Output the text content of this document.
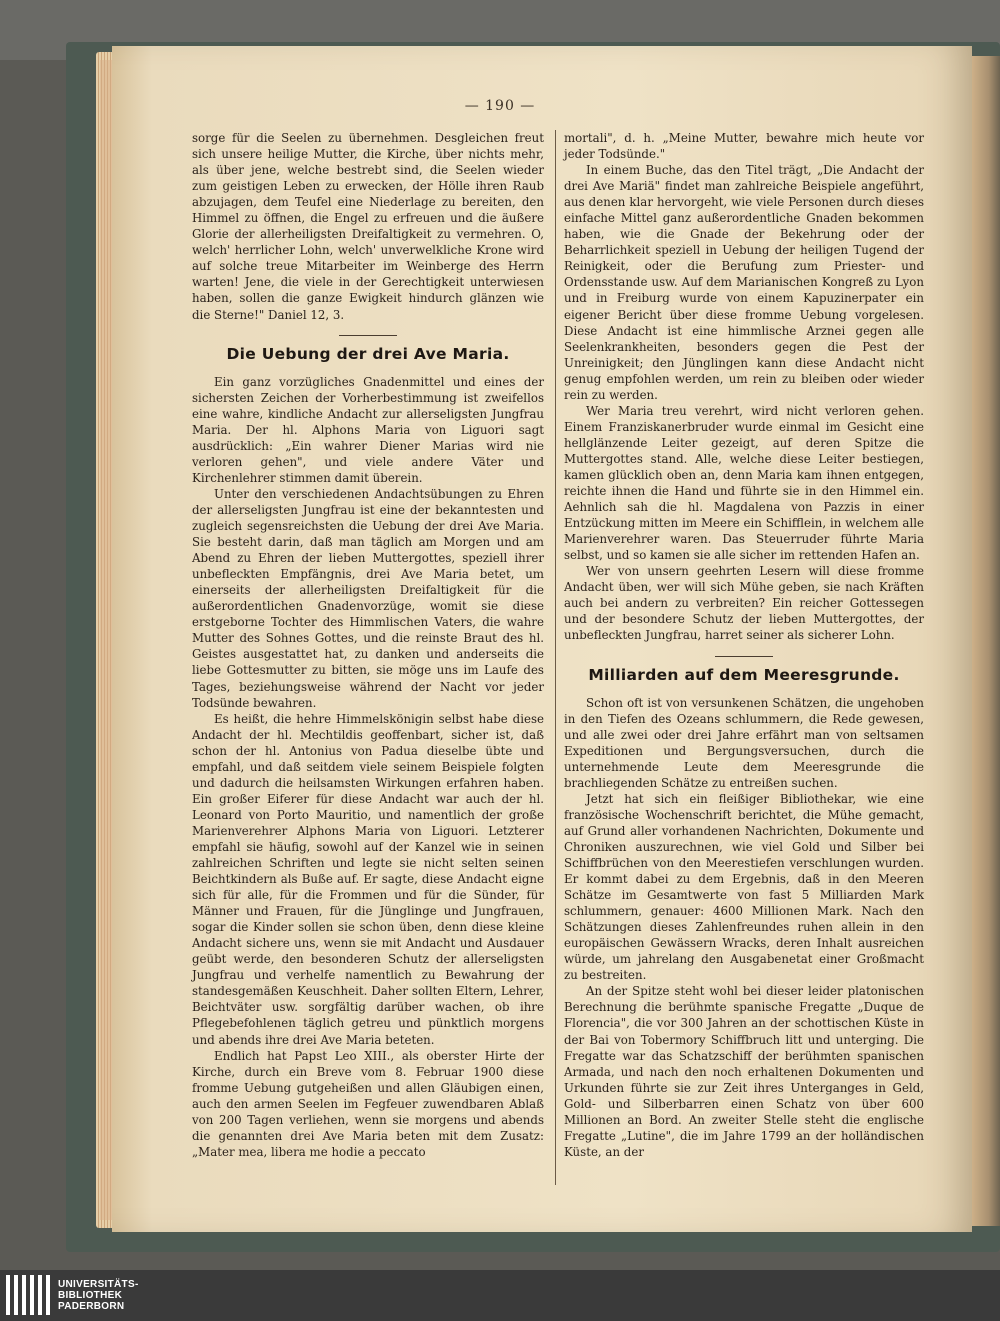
— 190 —

sorge für die Seelen zu übernehmen. Desgleichen freut sich unsere heilige Mutter, die Kirche, über nichts mehr, als über jene, welche bestrebt sind, die Seelen wieder zum geistigen Leben zu erwecken, der Hölle ihren Raub abzujagen, dem Teufel eine Niederlage zu bereiten, den Himmel zu öffnen, die Engel zu erfreuen und die äußere Glorie der allerheiligsten Dreifaltigkeit zu vermehren. O, welch' herrlicher Lohn, welch' unverwelkliche Krone wird auf solche treue Mitarbeiter im Weinberge des Herrn warten! Jene, die viele in der Gerechtigkeit unterwiesen haben, sollen die ganze Ewigkeit hindurch glänzen wie die Sterne!" Daniel 12, 3.

Die Uebung der drei Ave Maria.

Ein ganz vorzügliches Gnadenmittel und eines der sichersten Zeichen der Vorherbestimmung ist zweifellos eine wahre, kindliche Andacht zur allerseligsten Jungfrau Maria. Der hl. Alphons Maria von Liguori sagt ausdrücklich: „Ein wahrer Diener Marias wird nie verloren gehen", und viele andere Väter und Kirchenlehrer stimmen damit überein.

Unter den verschiedenen Andachtsübungen zu Ehren der allerseligsten Jungfrau ist eine der bekanntesten und zugleich segensreichsten die Uebung der drei Ave Maria. Sie besteht darin, daß man täglich am Morgen und am Abend zu Ehren der lieben Muttergottes, speziell ihrer unbefleckten Empfängnis, drei Ave Maria betet, um einerseits der allerheiligsten Dreifaltigkeit für die außerordentlichen Gnadenvorzüge, womit sie diese erstgeborne Tochter des Himmlischen Vaters, die wahre Mutter des Sohnes Gottes, und die reinste Braut des hl. Geistes ausgestattet hat, zu danken und anderseits die liebe Gottesmutter zu bitten, sie möge uns im Laufe des Tages, beziehungsweise während der Nacht vor jeder Todsünde bewahren.

Es heißt, die hehre Himmelskönigin selbst habe diese Andacht der hl. Mechtildis geoffenbart, sicher ist, daß schon der hl. Antonius von Padua dieselbe übte und empfahl, und daß seitdem viele seinem Beispiele folgten und dadurch die heilsamsten Wirkungen erfahren haben. Ein großer Eiferer für diese Andacht war auch der hl. Leonard von Porto Mauritio, und namentlich der große Marienverehrer Alphons Maria von Liguori. Letzterer empfahl sie häufig, sowohl auf der Kanzel wie in seinen zahlreichen Schriften und legte sie nicht selten seinen Beichtkindern als Buße auf. Er sagte, diese Andacht eigne sich für alle, für die Frommen und für die Sünder, für Männer und Frauen, für die Jünglinge und Jungfrauen, sogar die Kinder sollen sie schon üben, denn diese kleine Andacht sichere uns, wenn sie mit Andacht und Ausdauer geübt werde, den besonderen Schutz der allerseligsten Jungfrau und verhelfe namentlich zu Bewahrung der standesgemäßen Keuschheit. Daher sollten Eltern, Lehrer, Beichtväter usw. sorgfältig darüber wachen, ob ihre Pflegebefohlenen täglich getreu und pünktlich morgens und abends ihre drei Ave Maria beteten.

Endlich hat Papst Leo XIII., als oberster Hirte der Kirche, durch ein Breve vom 8. Februar 1900 diese fromme Uebung gutgeheißen und allen Gläubigen einen, auch den armen Seelen im Fegfeuer zuwendbaren Ablaß von 200 Tagen verliehen, wenn sie morgens und abends die genannten drei Ave Maria beten mit dem Zusatz: „Mater mea, libera me hodie a peccato

mortali", d. h. „Meine Mutter, bewahre mich heute vor jeder Todsünde."

In einem Buche, das den Titel trägt, „Die Andacht der drei Ave Mariä" findet man zahlreiche Beispiele angeführt, aus denen klar hervorgeht, wie viele Personen durch dieses einfache Mittel ganz außerordentliche Gnaden bekommen haben, wie die Gnade der Bekehrung oder der Beharrlichkeit speziell in Uebung der heiligen Tugend der Reinigkeit, oder die Berufung zum Priester- und Ordensstande usw. Auf dem Marianischen Kongreß zu Lyon und in Freiburg wurde von einem Kapuzinerpater ein eigener Bericht über diese fromme Uebung vorgelesen. Diese Andacht ist eine himmlische Arznei gegen alle Seelenkrankheiten, besonders gegen die Pest der Unreinigkeit; den Jünglingen kann diese Andacht nicht genug empfohlen werden, um rein zu bleiben oder wieder rein zu werden.

Wer Maria treu verehrt, wird nicht verloren gehen. Einem Franziskanerbruder wurde einmal im Gesicht eine hellglänzende Leiter gezeigt, auf deren Spitze die Muttergottes stand. Alle, welche diese Leiter bestiegen, kamen glücklich oben an, denn Maria kam ihnen entgegen, reichte ihnen die Hand und führte sie in den Himmel ein. Aehnlich sah die hl. Magdalena von Pazzis in einer Entzückung mitten im Meere ein Schifflein, in welchem alle Marienverehrer waren. Das Steuerruder führte Maria selbst, und so kamen sie alle sicher im rettenden Hafen an.

Wer von unsern geehrten Lesern will diese fromme Andacht üben, wer will sich Mühe geben, sie nach Kräften auch bei andern zu verbreiten? Ein reicher Gottessegen und der besondere Schutz der lieben Muttergottes, der unbefleckten Jungfrau, harret seiner als sicherer Lohn.

Milliarden auf dem Meeresgrunde.

Schon oft ist von versunkenen Schätzen, die ungehoben in den Tiefen des Ozeans schlummern, die Rede gewesen, und alle zwei oder drei Jahre erfährt man von seltsamen Expeditionen und Bergungsversuchen, durch die unternehmende Leute dem Meeresgrunde die brachliegenden Schätze zu entreißen suchen.

Jetzt hat sich ein fleißiger Bibliothekar, wie eine französische Wochenschrift berichtet, die Mühe gemacht, auf Grund aller vorhandenen Nachrichten, Dokumente und Chroniken auszurechnen, wie viel Gold und Silber bei Schiffbrüchen von den Meerestiefen verschlungen wurden. Er kommt dabei zu dem Ergebnis, daß in den Meeren Schätze im Gesamtwerte von fast 5 Milliarden Mark schlummern, genauer: 4600 Millionen Mark. Nach den Schätzungen dieses Zahlenfreundes ruhen allein in den europäischen Gewässern Wracks, deren Inhalt ausreichen würde, um jahrelang den Ausgabenetat einer Großmacht zu bestreiten.

An der Spitze steht wohl bei dieser leider platonischen Berechnung die berühmte spanische Fregatte „Duque de Florencia", die vor 300 Jahren an der schottischen Küste in der Bai von Tobermory Schiffbruch litt und unterging. Die Fregatte war das Schatzschiff der berühmten spanischen Armada, und nach den noch erhaltenen Dokumenten und Urkunden führte sie zur Zeit ihres Unterganges in Geld, Gold- und Silberbarren einen Schatz von über 600 Millionen an Bord. An zweiter Stelle steht die englische Fregatte „Lutine", die im Jahre 1799 an der holländischen Küste, an der

UNIVERSITÄTS-
BIBLIOTHEK
PADERBORN
